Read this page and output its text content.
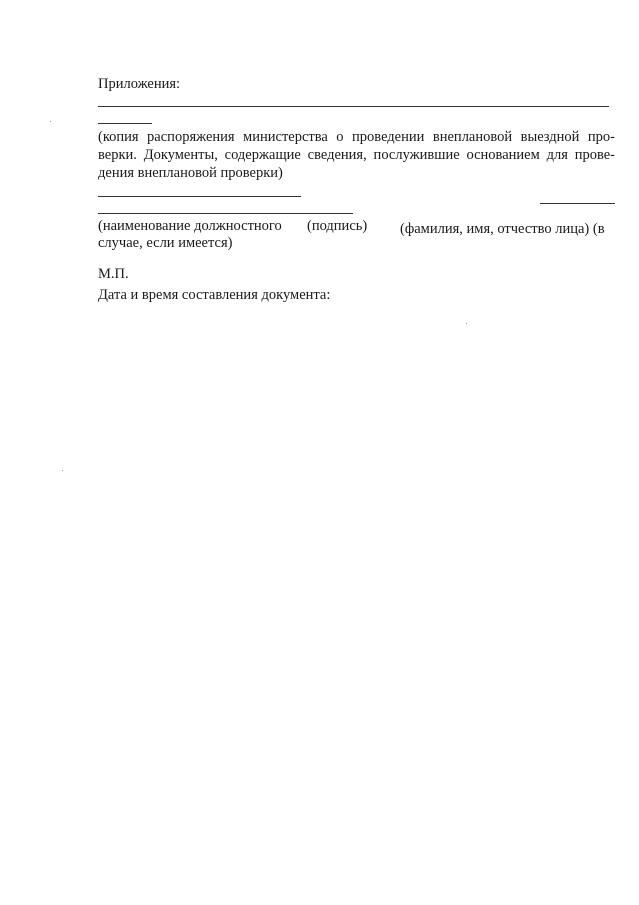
Приложения:
(копия распоряжения министерства о проведении внеплановой выездной про-
верки. Документы, содержащие сведения, послужившие основанием для прове-
дения внеплановой проверки)
(наименование должностного (подпись) (фамилия, имя, отчество лица) (в
случае, если имеется)
М.П.
Дата и время составления документа:
